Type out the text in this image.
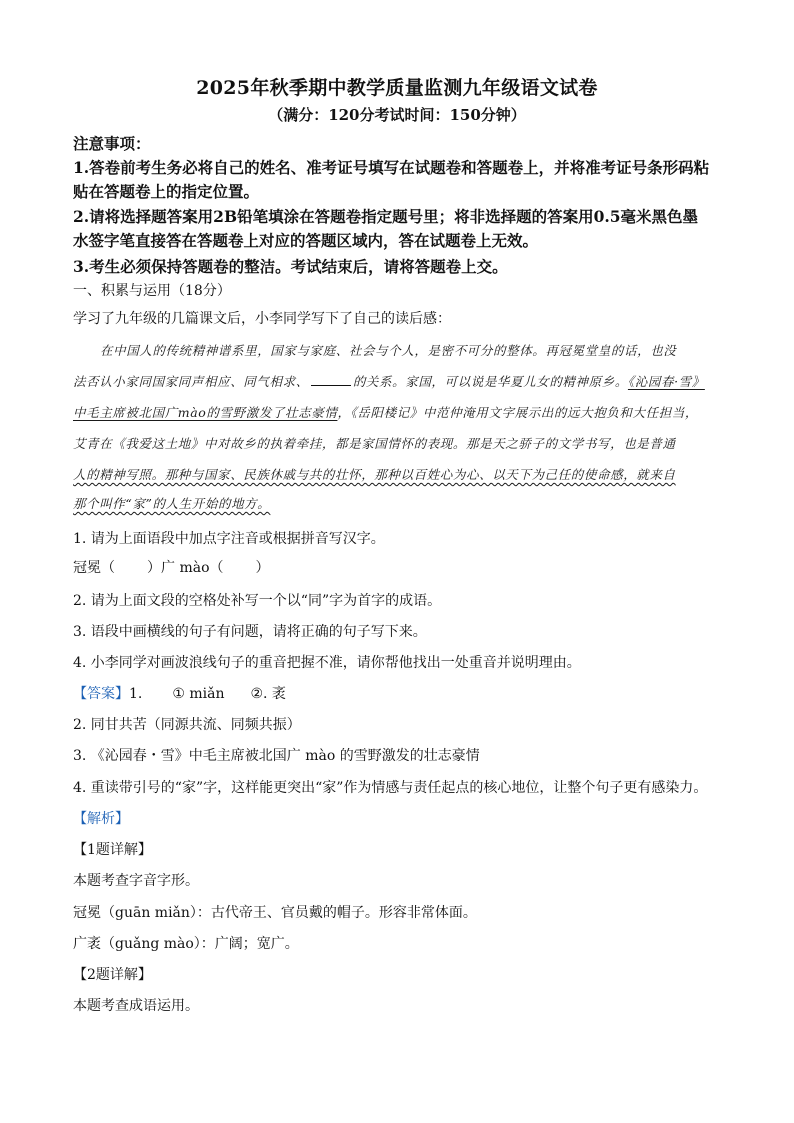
2025年秋季期中教学质量监测九年级语文试卷
（满分：120分考试时间：150分钟）
注意事项：
1.答卷前考生务必将自己的姓名、准考证号填写在试题卷和答题卷上，并将准考证号条形码粘
贴在答题卷上的指定位置。
2.请将选择题答案用2B铅笔填涂在答题卷指定题号里；将非选择题的答案用0.5毫米黑色墨
水签字笔直接答在答题卷上对应的答题区域内，答在试题卷上无效。
3.考生必须保持答题卷的整洁。考试结束后，请将答题卷上交。
一、积累与运用（18分）
学习了九年级的几篇课文后，小李同学写下了自己的读后感：
在中国人的传统精神谱系里，国家与家庭、社会与个人，是密不可分的整体。再冠冕堂皇的话，也没
法否认小家同国家同声相应、同气相求、	的关系。家国，可以说是华夏儿女的精神原乡。《沁园春·雪》
中毛主席被北国广mào的雪野激发了壮志豪情，《岳阳楼记》中范仲淹用文字展示出的远大抱负和大任担当，
艾青在《我爱这土地》中对故乡的执着牵挂，都是家国情怀的表现。那是天之骄子的文学书写，也是普通
人的精神写照。那种与国家、民族休戚与共的壮怀，那种以百姓心为心、以天下为己任的使命感，就来自
那个叫作“家”的人生开始的地方。
1. 请为上面语段中加点字注音或根据拼音写汉字。
冠冕（ ）广 mào（ ）
2. 请为上面文段的空格处补写一个以“同”字为首字的成语。
3. 语段中画横线的句子有问题，请将正确的句子写下来。
4. 小李同学对画波浪线句子的重音把握不准，请你帮他找出一处重音并说明理由。
【答案】1. ① miǎn ②. 袤
2. 同甘共苦（同源共流、同频共振）
3. 《沁园春・雪》中毛主席被北国广 mào 的雪野激发的壮志豪情
4. 重读带引号的“家”字，这样能更突出“家”作为情感与责任起点的核心地位，让整个句子更有感染力。
【解析】
【1题详解】
本题考查字音字形。
冠冕（guān miǎn）：古代帝王、官员戴的帽子。形容非常体面。
广袤（guǎng mào）：广阔；宽广。
【2题详解】
本题考查成语运用。
